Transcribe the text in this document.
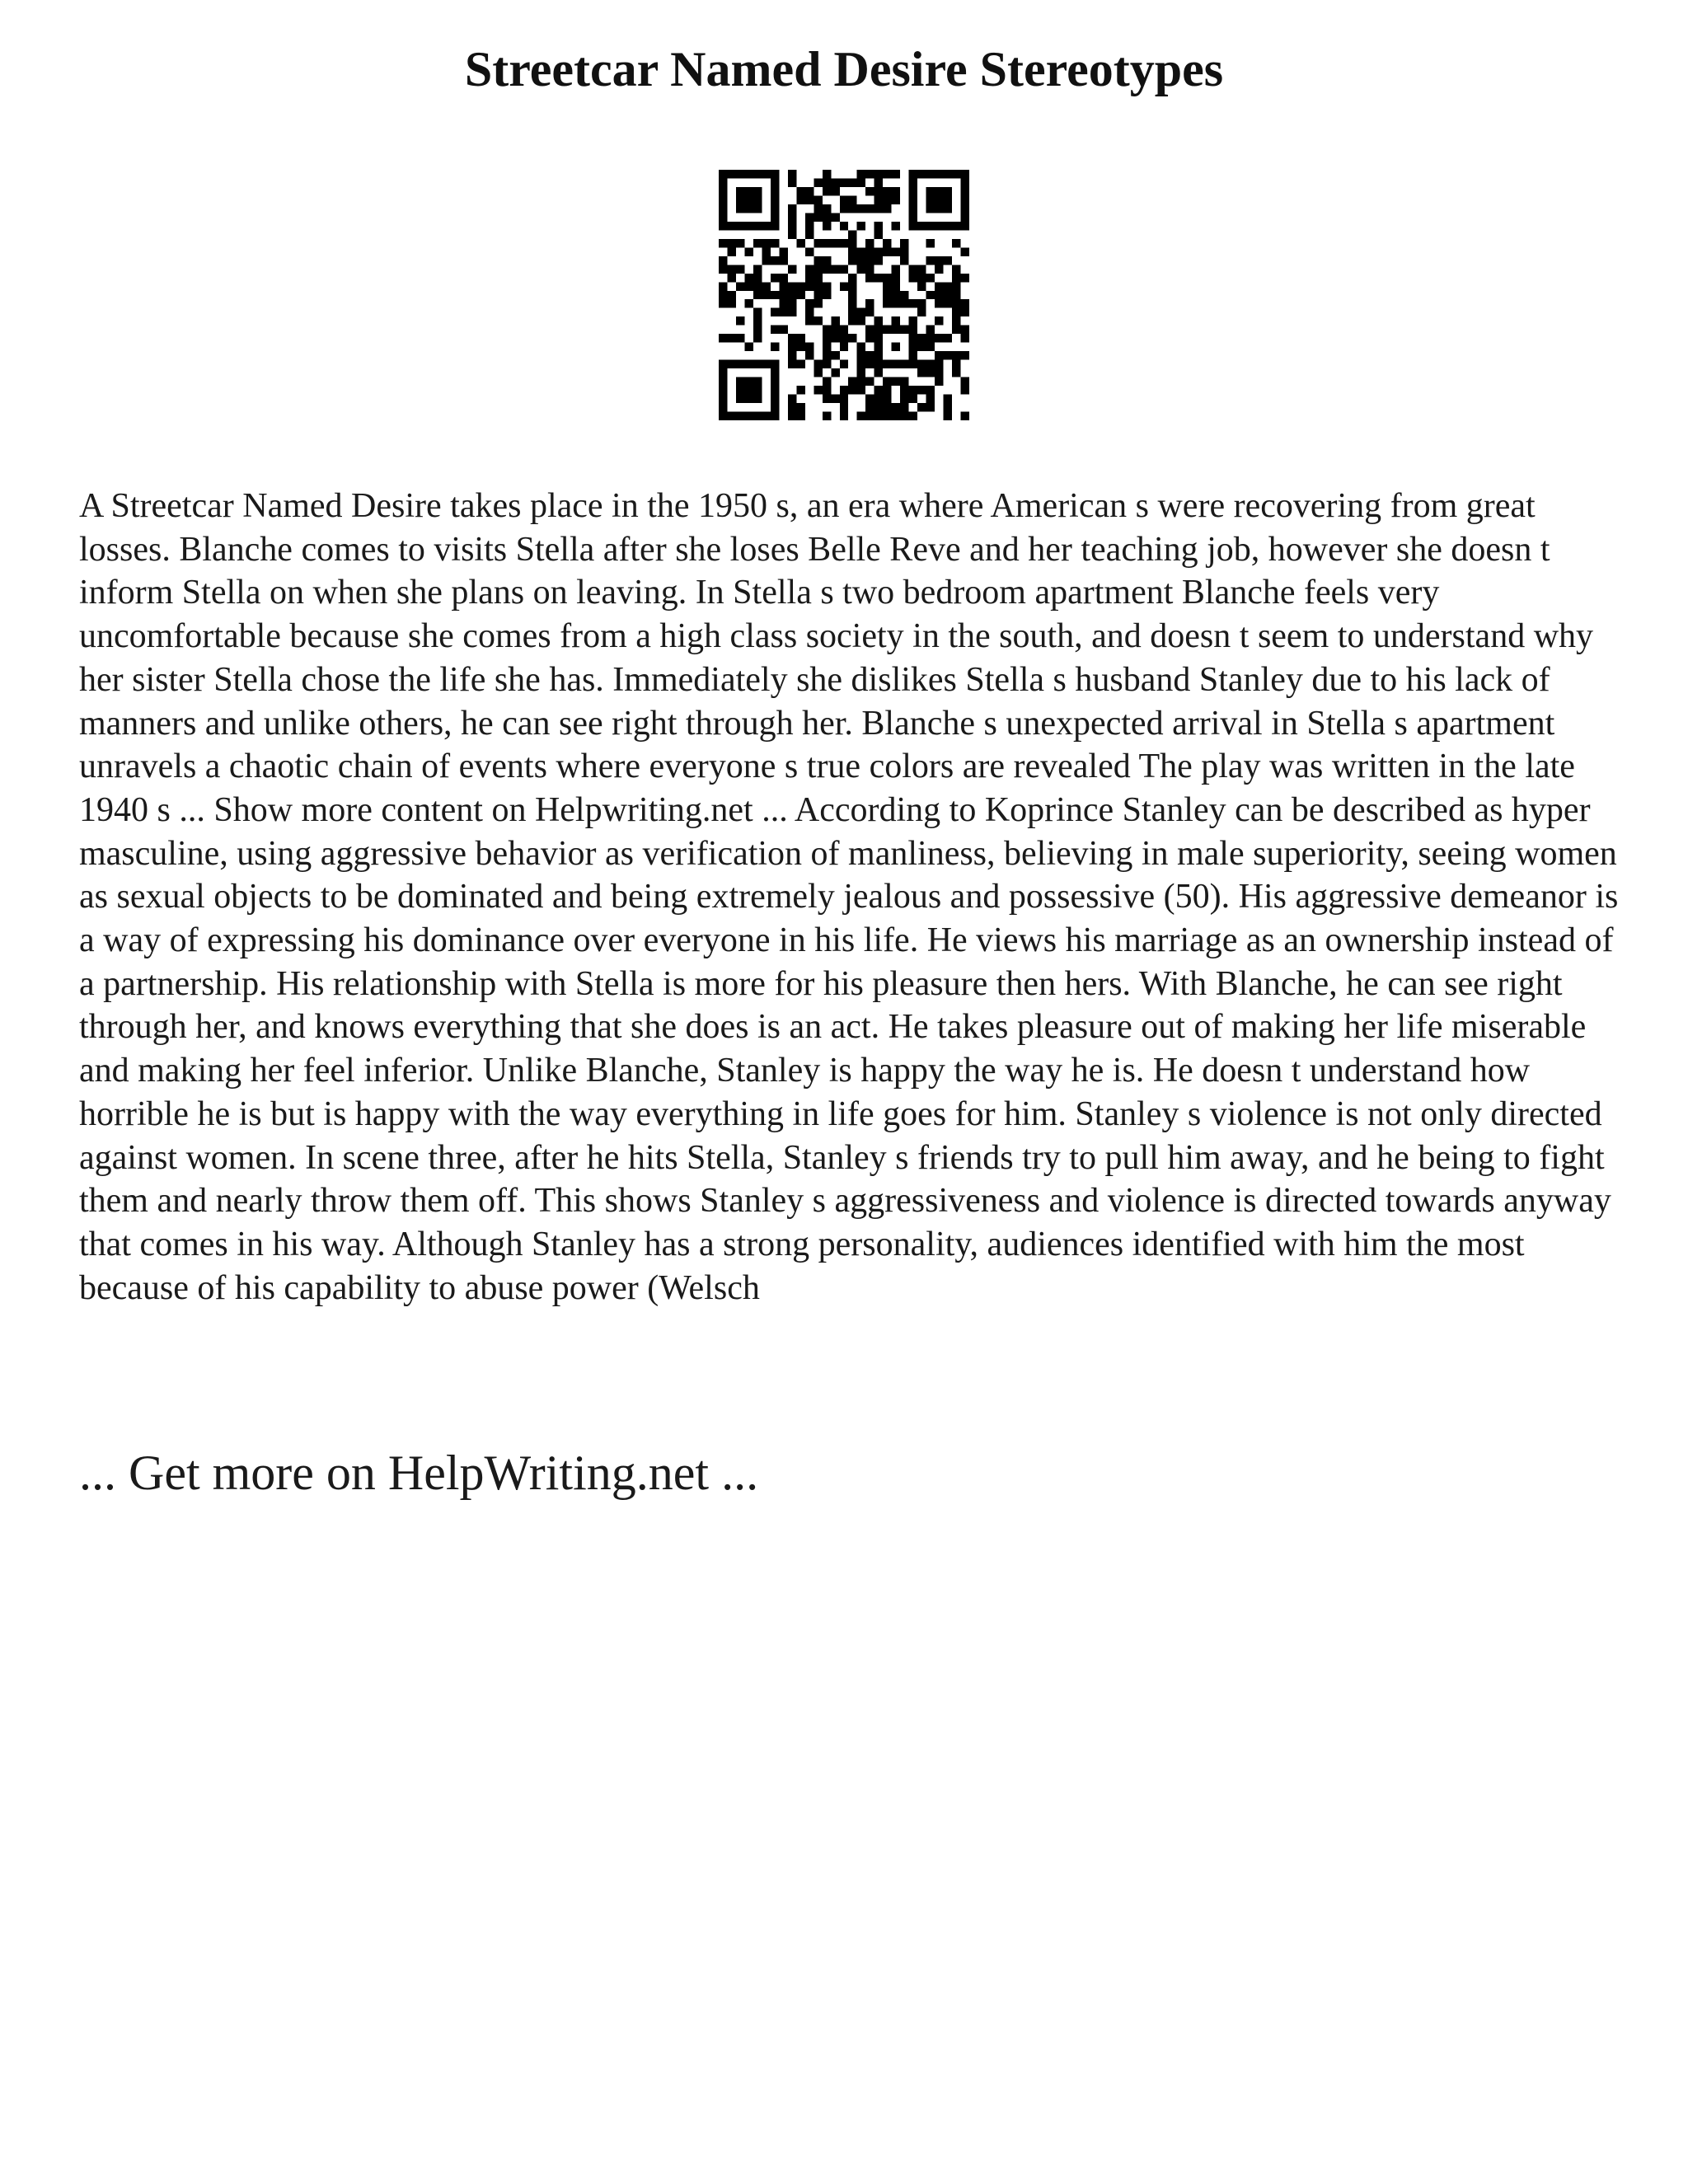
Streetcar Named Desire Stereotypes

A Streetcar Named Desire takes place in the 1950 s, an era where American s were recovering from great losses. Blanche comes to visits Stella after she loses Belle Reve and her teaching job, however she doesn t inform Stella on when she plans on leaving. In Stella s two bedroom apartment Blanche feels very uncomfortable because she comes from a high class society in the south, and doesn t seem to understand why her sister Stella chose the life she has. Immediately she dislikes Stella s husband Stanley due to his lack of manners and unlike others, he can see right through her. Blanche s unexpected arrival in Stella s apartment unravels a chaotic chain of events where everyone s true colors are revealed The play was written in the late 1940 s ... Show more content on Helpwriting.net ... According to Koprince Stanley can be described as hyper masculine, using aggressive behavior as verification of manliness, believing in male superiority, seeing women as sexual objects to be dominated and being extremely jealous and possessive (50). His aggressive demeanor is a way of expressing his dominance over everyone in his life. He views his marriage as an ownership instead of a partnership. His relationship with Stella is more for his pleasure then hers. With Blanche, he can see right through her, and knows everything that she does is an act. He takes pleasure out of making her life miserable and making her feel inferior. Unlike Blanche, Stanley is happy the way he is. He doesn t understand how horrible he is but is happy with the way everything in life goes for him. Stanley s violence is not only directed against women. In scene three, after he hits Stella, Stanley s friends try to pull him away, and he being to fight them and nearly throw them off. This shows Stanley s aggressiveness and violence is directed towards anyway that comes in his way. Although Stanley has a strong personality, audiences identified with him the most because of his capability to abuse power (Welsch

... Get more on HelpWriting.net ...
